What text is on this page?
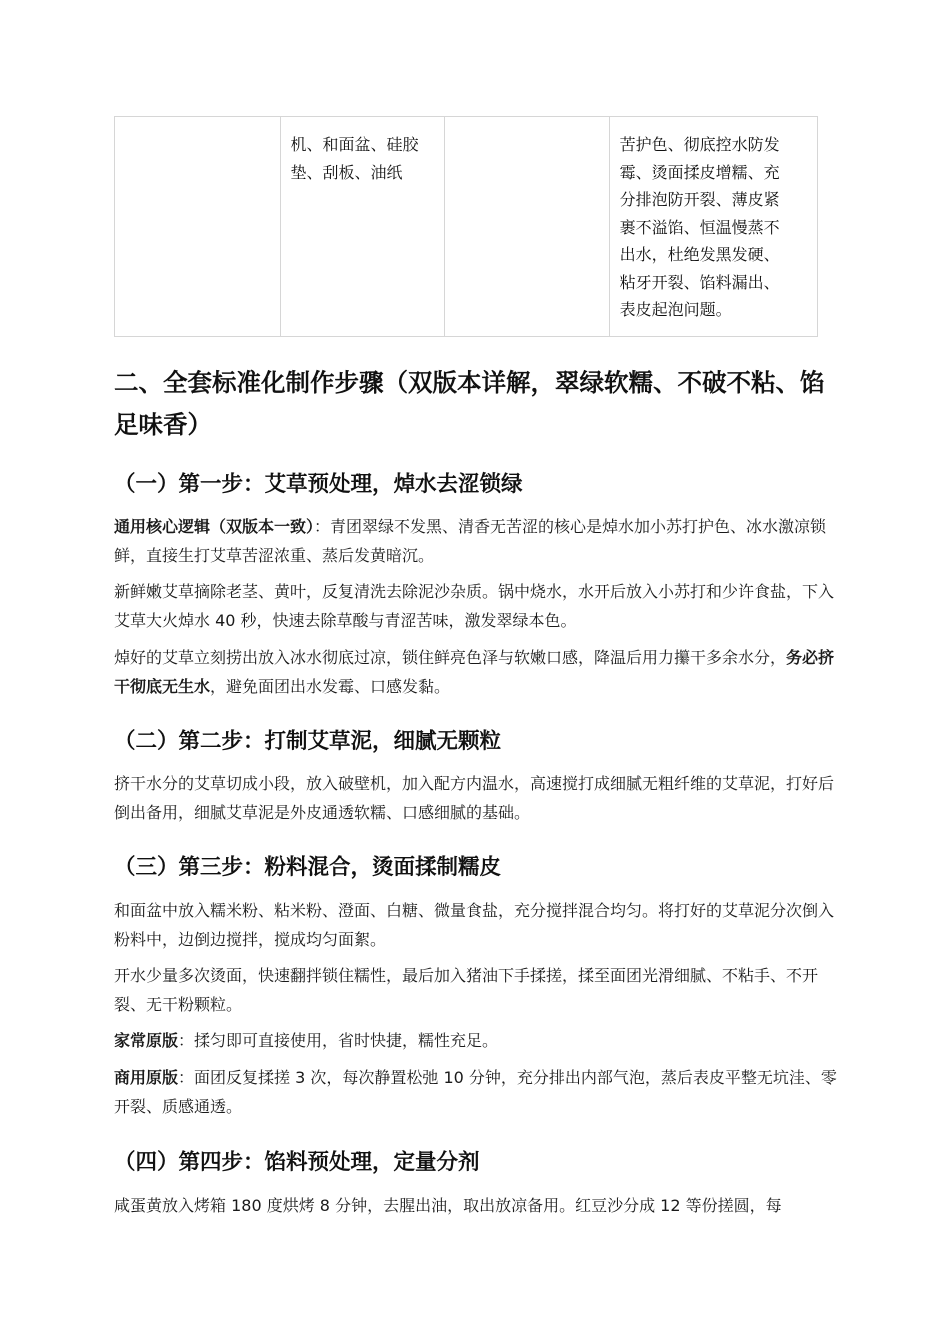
机、和面盆、硅胶
垫、刮板、油纸
苦护色、彻底控水防发
霉、烫面揉皮增糯、充
分排泡防开裂、薄皮紧
裹不溢馅、恒温慢蒸不
出水，杜绝发黑发硬、
粘牙开裂、馅料漏出、
表皮起泡问题。
二、全套标准化制作步骤（双版本详解，翠绿软糯、不破不粘、馅足味香）
（一）第一步：艾草预处理，焯水去涩锁绿

通用核心逻辑（双版本一致）：青团翠绿不发黑、清香无苦涩的核心是焯水加小苏打护色、冰水激凉锁鲜，直接生打艾草苦涩浓重、蒸后发黄暗沉。

新鲜嫩艾草摘除老茎、黄叶，反复清洗去除泥沙杂质。锅中烧水，水开后放入小苏打和少许食盐，下入艾草大火焯水 40 秒，快速去除草酸与青涩苦味，激发翠绿本色。

焯好的艾草立刻捞出放入冰水彻底过凉，锁住鲜亮色泽与软嫩口感，降温后用力攥干多余水分，务必挤干彻底无生水，避免面团出水发霉、口感发黏。

（二）第二步：打制艾草泥，细腻无颗粒

挤干水分的艾草切成小段，放入破壁机，加入配方内温水，高速搅打成细腻无粗纤维的艾草泥，打好后倒出备用，细腻艾草泥是外皮通透软糯、口感细腻的基础。

（三）第三步：粉料混合，烫面揉制糯皮

和面盆中放入糯米粉、粘米粉、澄面、白糖、微量食盐，充分搅拌混合均匀。将打好的艾草泥分次倒入粉料中，边倒边搅拌，搅成均匀面絮。

开水少量多次烫面，快速翻拌锁住糯性，最后加入猪油下手揉搓，揉至面团光滑细腻、不粘手、不开裂、无干粉颗粒。

家常原版：揉匀即可直接使用，省时快捷，糯性充足。

商用原版：面团反复揉搓 3 次，每次静置松弛 10 分钟，充分排出内部气泡，蒸后表皮平整无坑洼、零开裂、质感通透。

（四）第四步：馅料预处理，定量分剂

咸蛋黄放入烤箱 180 度烘烤 8 分钟，去腥出油，取出放凉备用。红豆沙分成 12 等份搓圆，每
